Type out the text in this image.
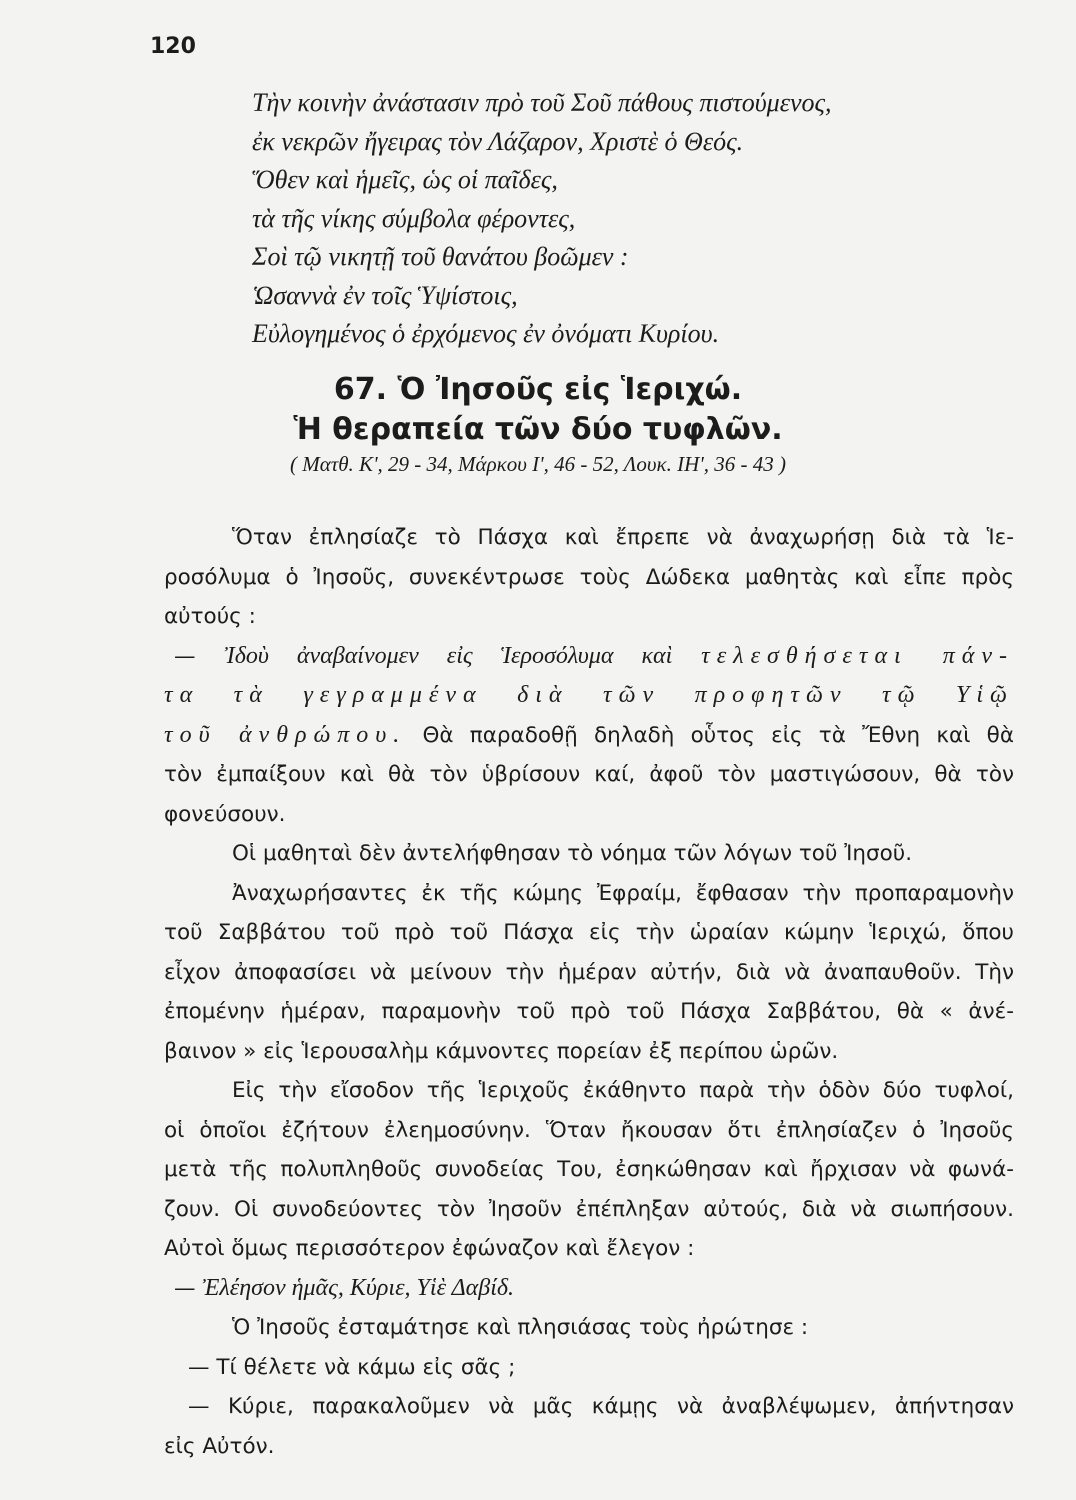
120
Τὴν κοινὴν ἀνάστασιν πρὸ τοῦ Σοῦ πάθους πιστούμενος,
ἐκ νεκρῶν ἤγειρας τὸν Λάζαρον, Χριστὲ ὁ Θεός.
Ὅθεν καὶ ἡμεῖς, ὡς οἱ παῖδες,
τὰ τῆς νίκης σύμβολα φέροντες,
Σοὶ τῷ νικητῇ τοῦ θανάτου βοῶμεν :
Ὡσαννὰ ἐν τοῖς Ὑψίστοις,
Εὐλογημένος ὁ ἐρχόμενος ἐν ὀνόματι Κυρίου.
67. Ὁ Ἰησοῦς εἰς Ἱεριχώ.
Ἡ θεραπεία τῶν δύο τυφλῶν.
( Ματθ. Κ', 29 - 34, Μάρκου Ι', 46 - 52, Λουκ. ΙΗ', 36 - 43 )
Ὅταν ἐπλησίαζε τὸ Πάσχα καὶ ἔπρεπε νὰ ἀναχωρήσῃ διὰ τὰ Ἱε-
ροσόλυμα ὁ Ἰησοῦς, συνεκέντρωσε τοὺς Δώδεκα μαθητὰς καὶ εἶπε πρὸς
αὐτούς :
— Ἰδοὺ ἀναβαίνομεν εἰς Ἱεροσόλυμα καὶ τελεσθήσεται πάν-
τα τὰ γεγραμμένα διὰ τῶν προφητῶν τῷ Υἱῷ
τοῦ ἀνθρώπου. Θὰ παραδοθῇ δηλαδὴ οὗτος εἰς τὰ Ἔθνη καὶ θὰ
τὸν ἐμπαίξουν καὶ θὰ τὸν ὑβρίσουν καί, ἀφοῦ τὸν μαστιγώσουν, θὰ τὸν
φονεύσουν.
Οἱ μαθηταὶ δὲν ἀντελήφθησαν τὸ νόημα τῶν λόγων τοῦ Ἰησοῦ.
Ἀναχωρήσαντες ἐκ τῆς κώμης Ἐφραίμ, ἔφθασαν τὴν προπαραμονὴν
τοῦ Σαββάτου τοῦ πρὸ τοῦ Πάσχα εἰς τὴν ὡραίαν κώμην Ἱεριχώ, ὅπου
εἶχον ἀποφασίσει νὰ μείνουν τὴν ἡμέραν αὐτήν, διὰ νὰ ἀναπαυθοῦν. Τὴν
ἐπομένην ἡμέραν, παραμονὴν τοῦ πρὸ τοῦ Πάσχα Σαββάτου, θὰ « ἀνέ-
βαινον » εἰς Ἱερουσαλὴμ κάμνοντες πορείαν ἐξ περίπου ὡρῶν.
Εἰς τὴν εἴσοδον τῆς Ἱεριχοῦς ἐκάθηντο παρὰ τὴν ὁδὸν δύο τυφλοί,
οἱ ὁποῖοι ἐζήτουν ἐλεημοσύνην. Ὅταν ἤκουσαν ὅτι ἐπλησίαζεν ὁ Ἰησοῦς
μετὰ τῆς πολυπληθοῦς συνοδείας Του, ἐσηκώθησαν καὶ ἤρχισαν νὰ φωνά-
ζουν. Οἱ συνοδεύοντες τὸν Ἰησοῦν ἐπέπληξαν αὐτούς, διὰ νὰ σιωπήσουν.
Αὐτοὶ ὅμως περισσότερον ἐφώναζον καὶ ἔλεγον :
— Ἐλέησον ἡμᾶς, Κύριε, Υἱὲ Δαβίδ.
Ὁ Ἰησοῦς ἐσταμάτησε καὶ πλησιάσας τοὺς ἠρώτησε :
— Τί θέλετε νὰ κάμω εἰς σᾶς ;
— Κύριε, παρακαλοῦμεν νὰ μᾶς κάμῃς νὰ ἀναβλέψωμεν, ἀπήντησαν
εἰς Αὐτόν.
